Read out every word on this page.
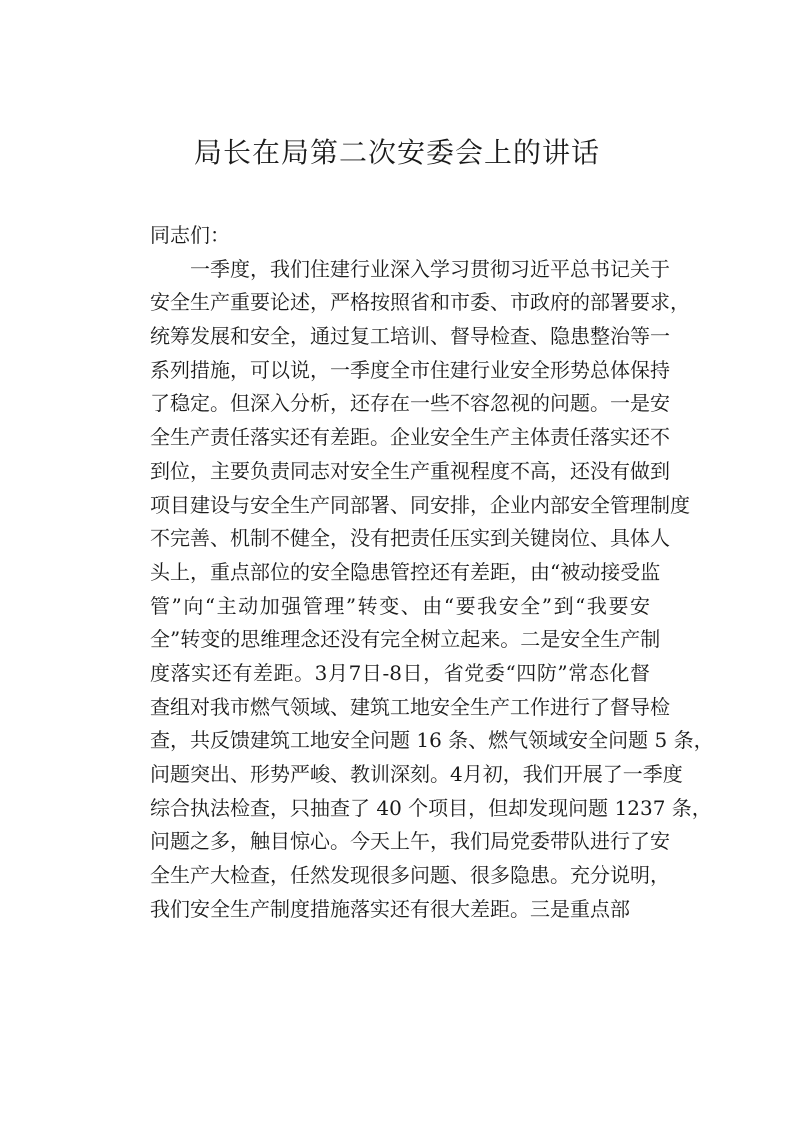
局长在局第二次安委会上的讲话
同志们：
一季度，我们住建行业深入学习贯彻习近平总书记关于
安全生产重要论述，严格按照省和市委、市政府的部署要求，
统筹发展和安全，通过复工培训、督导检查、隐患整治等一
系列措施，可以说，一季度全市住建行业安全形势总体保持
了稳定。但深入分析，还存在一些不容忽视的问题。一是安
全生产责任落实还有差距。企业安全生产主体责任落实还不
到位，主要负责同志对安全生产重视程度不高，还没有做到
项目建设与安全生产同部署、同安排，企业内部安全管理制度
不完善、机制不健全，没有把责任压实到关键岗位、具体人
头上，重点部位的安全隐患管控还有差距，由“被动接受监
管”向“主动加强管理”转变、由“要我安全”到“我要安
全”转变的思维理念还没有完全树立起来。二是安全生产制
度落实还有差距。3月7日-8日，省党委“四防”常态化督
查组对我市燃气领域、建筑工地安全生产工作进行了督导检
查，共反馈建筑工地安全问题 16 条、燃气领域安全问题 5 条，
问题突出、形势严峻、教训深刻。4月初，我们开展了一季度
综合执法检查，只抽查了 40 个项目，但却发现问题 1237 条，
问题之多，触目惊心。今天上午，我们局党委带队进行了安
全生产大检查，任然发现很多问题、很多隐患。充分说明，
我们安全生产制度措施落实还有很大差距。三是重点部
